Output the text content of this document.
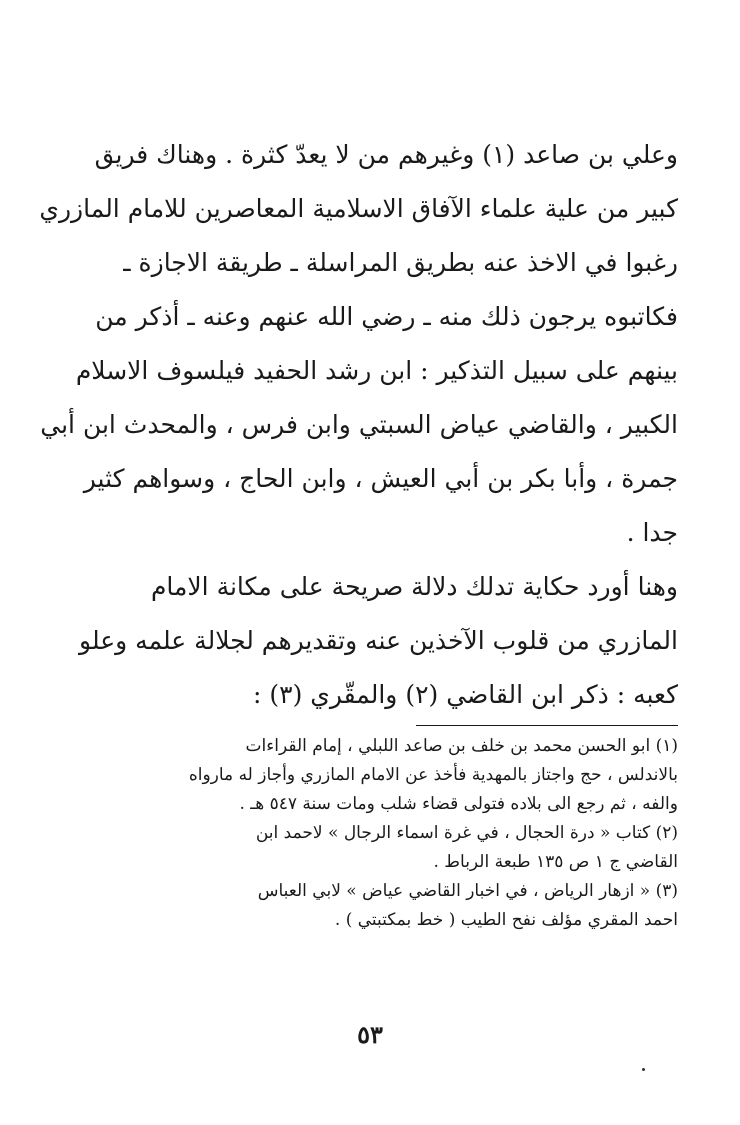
وعلي بن صاعد (١) وغيرهم من لا يعدّ كثرة . وهناك فريق
كبير من علية علماء الآفاق الاسلامية المعاصرين للامام المازري
رغبوا في الاخذ عنه بطريق المراسلة ـ طريقة الاجازة ـ
فكاتبوه يرجون ذلك منه ـ رضي الله عنهم وعنه ـ أذكر من
بينهم على سبيل التذكير : ابن رشد الحفيد فيلسوف الاسلام
الكبير ، والقاضي عياض السبتي وابن فرس ، والمحدث ابن أبي
جمرة ، وأبا بكر بن أبي العيش ، وابن الحاج ، وسواهم كثير
جدا .
وهنا أورد حكاية تدلك دلالة صريحة على مكانة الامام
المازري من قلوب الآخذين عنه وتقديرهم لجلالة علمه وعلو
كعبه : ذكر ابن القاضي (٢) والمقّري (٣) :
(١) ابو الحسن محمد بن خلف بن صاعد اللبلي ، إمام القراءات
بالاندلس ، حج واجتاز بالمهدية فأخذ عن الامام المازري وأجاز له مارواه
والفه ، ثم رجع الى بلاده فتولى قضاء شلب ومات سنة ٥٤٧ هـ .
(٢) كتاب « درة الحجال ، في غرة اسماء الرجال » لاحمد ابن
القاضي ج ١ ص ١٣٥ طبعة الرباط .
(٣) « ازهار الرياض ، في اخبار القاضي عياض » لابي العباس
احمد المقري مؤلف نفح الطيب ( خط بمكتبتي ) .
٥٣
